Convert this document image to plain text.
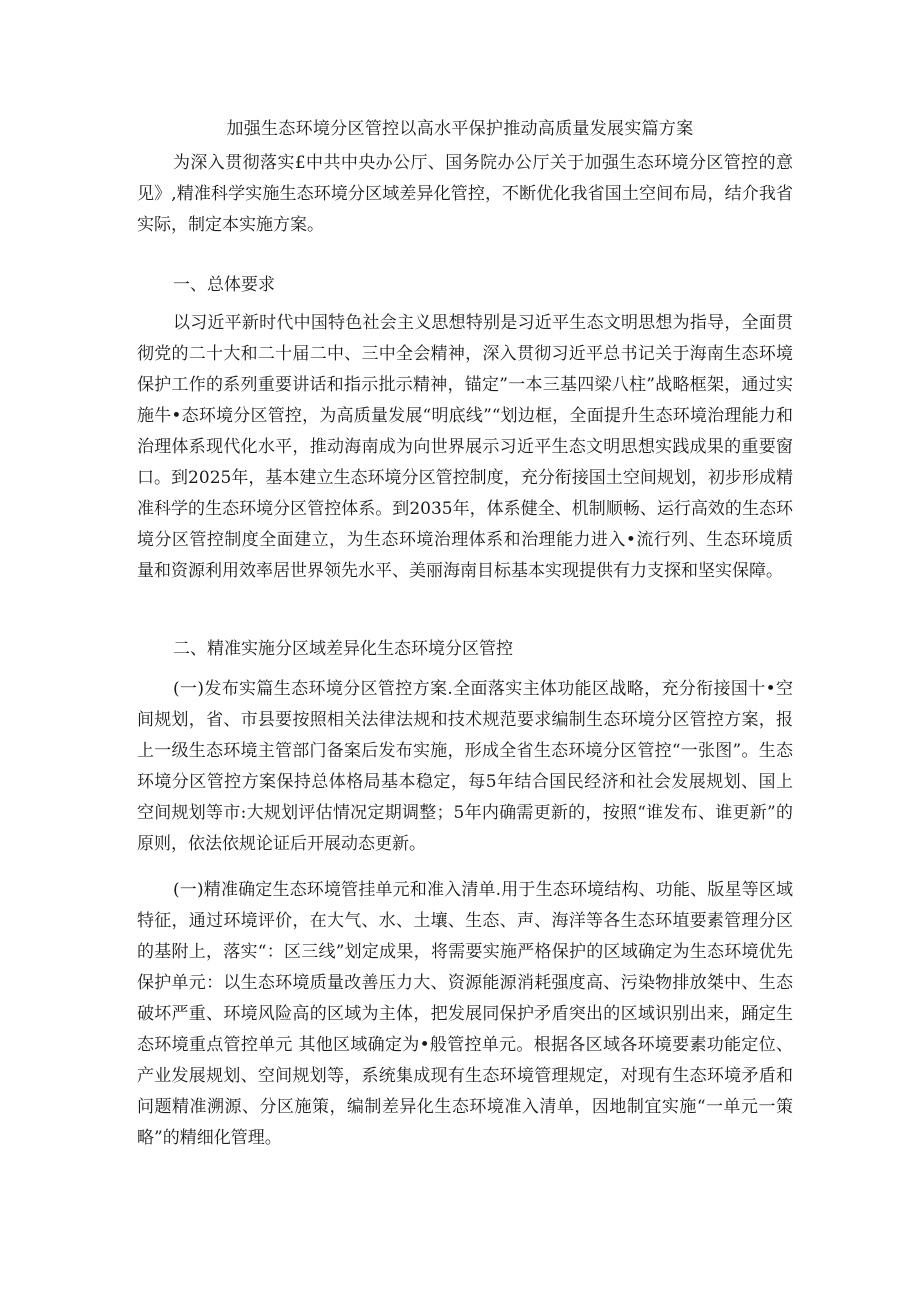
加强生态环境分区管控以高水平保护推动高质量发展实篇方案

为深入贯彻落实£中共中央办公厅、国务院办公厅关于加强生态环境分区管控的意见》,精准科学实施生态环境分区域差异化管控，不断优化我省国土空间布局，结介我省实际，制定本实施方案。

一、总体要求

以习近平新时代中国特色社会主义思想特别是习近平生态文明思想为指导，全面贯彻党的二十大和二十届二中、三中全会精神，深入贯彻习近平总书记关于海南生态环境保护工作的系列重要讲话和指示批示精神，锚定”一本三基四梁八柱”战略框架，通过实施牛•态环境分区管控，为高质量发展“明底线”“划边框，全面提升生态环境治理能力和治理体系现代化水平，推动海南成为向世界展示习近平生态文明思想实践成果的重要窗口。到2025年，基本建立生态环境分区管控制度，充分衔接国土空间规划，初步形成精准科学的生态环境分区管控体系。到2035年，体系健全、机制顺畅、运行高效的生态环境分区管控制度全面建立，为生态环境治理体系和治理能力进入•流行列、生态环境质量和资源利用效率居世界领先水平、美丽海南目标基本实现提供有力支探和坚实保障。

二、精准实施分区域差异化生态环境分区管控

(一)发布实篇生态环境分区管控方案.全面落实主体功能区战略，充分衔接国十•空间规划，省、市县要按照相关法律法规和技术规范要求编制生态环境分区管控方案，报上一级生态环境主管部门备案后发布实施，形成全省生态环境分区管控“一张图”。生态环境分区管控方案保持总体格局基本稳定，每5年结合国民经济和社会发展规划、国上空间规划等市:大规划评估情况定期调整；5年内确需更新的，按照“谁发布、谁更新”的原则，依法依规论证后开展动态更新。

(一)精准确定生态环境管挂单元和准入清单.用于生态环境结构、功能、版星等区域特征，通过环境评价，在大气、水、土壤、生态、声、海洋等各生态环埴要素管理分区的基附上，落实“：区三线”划定成果，将需要实施严格保护的区域确定为生态环境优先保护单元：以生态环境质量改善压力大、资源能源消耗强度高、污染物排放桀中、生态破坏严重、环境风险高的区域为主体，把发展同保护矛盾突出的区域识别出来，踊定生态环境重点管控单元 其他区域确定为•般管控单元。根据各区域各环境要素功能定位、产业发展规划、空间规划等，系统集成现有生态环境管理规定，对现有生态环境矛盾和问题精准溯源、分区施策，编制差异化生态环境准入清单，因地制宜实施“一单元一策略”的精细化管理。
